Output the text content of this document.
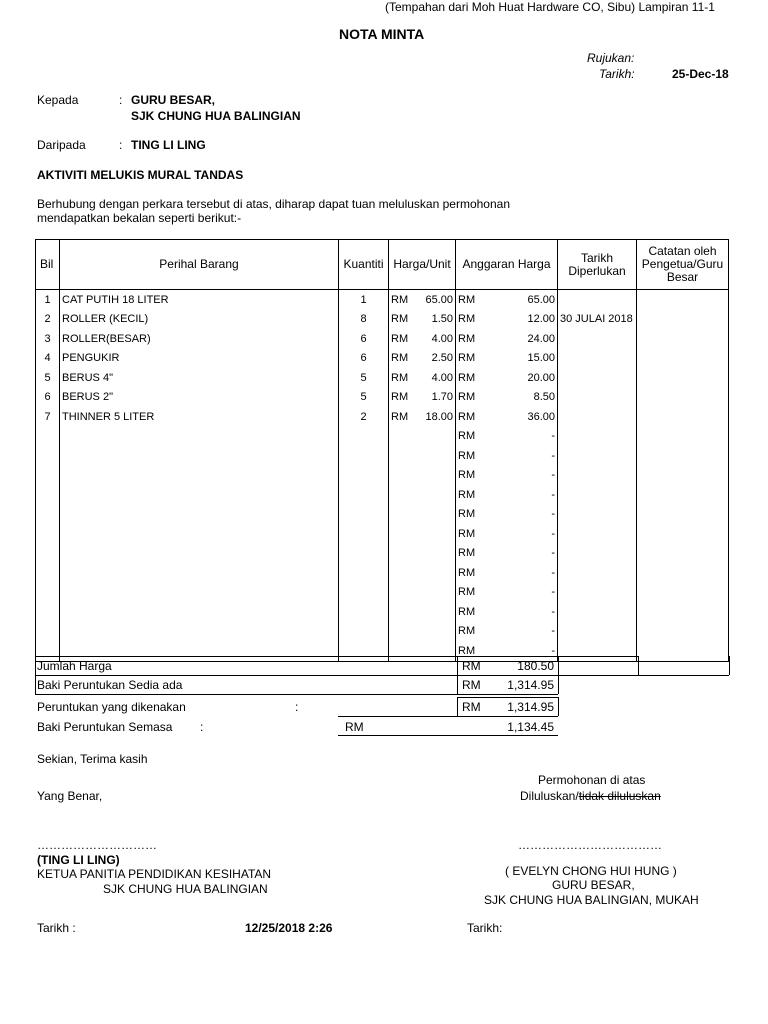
(Tempahan dari Moh Huat Hardware CO, Sibu) Lampiran 11-1
NOTA MINTA
Rujukan:
Tarikh:	25-Dec-18
Kepada	: GURU BESAR,
SJK CHUNG HUA BALINGIAN
Daripada	: TING LI LING
AKTIVITI MELUKIS MURAL TANDAS
Berhubung dengan perkara tersebut di atas, diharap dapat tuan meluluskan permohonan
mendapatkan bekalan seperti berikut:-
Bil	Perihal Barang	Kuantiti	Harga/Unit	Anggaran Harga	Tarikh Diperlukan	Catatan oleh Pengetua/Guru Besar
1	CAT PUTIH 18 LITER	1	RM 65.00	RM 65.00		

2	ROLLER (KECIL)	8	RM 1.50	RM 12.00	30 JULAI 2018	
3	ROLLER(BESAR)	6	RM 4.00	RM 24.00		

4	PENGUKIR	6	RM 2.50	RM 15.00		

5	BERUS 4"	5	RM 4.00	RM 20.00		

6	BERUS 2"	5	RM 1.70	RM 8.50		

7	THINNER 5 LITER	2	RM 18.00	RM 36.00		

				RM -		

				RM -		

				RM -		

				RM -		

				RM -		

				RM -		

				RM -		

				RM -		

				RM -		

				RM -		

				RM -		

				RM -		

Jumlah Harga	RM	180.50
Baki Peruntukan Sedia ada	RM	1,314.95
Peruntukan yang dikenakan	:	RM	1,314.95
Baki Peruntukan Semasa :	RM	1,134.45
Sekian, Terima kasih
Yang Benar,
Permohonan di atas
Diluluskan/tidak diluluskan
…………………………	………………………………
(TING LI LING)
KETUA PANITIA PENDIDIKAN KESIHATAN
SJK CHUNG HUA BALINGIAN
( EVELYN CHONG HUI HUNG )
GURU BESAR,
SJK CHUNG HUA BALINGIAN, MUKAH
Tarikh :	12/25/2018 2:26	Tarikh:
